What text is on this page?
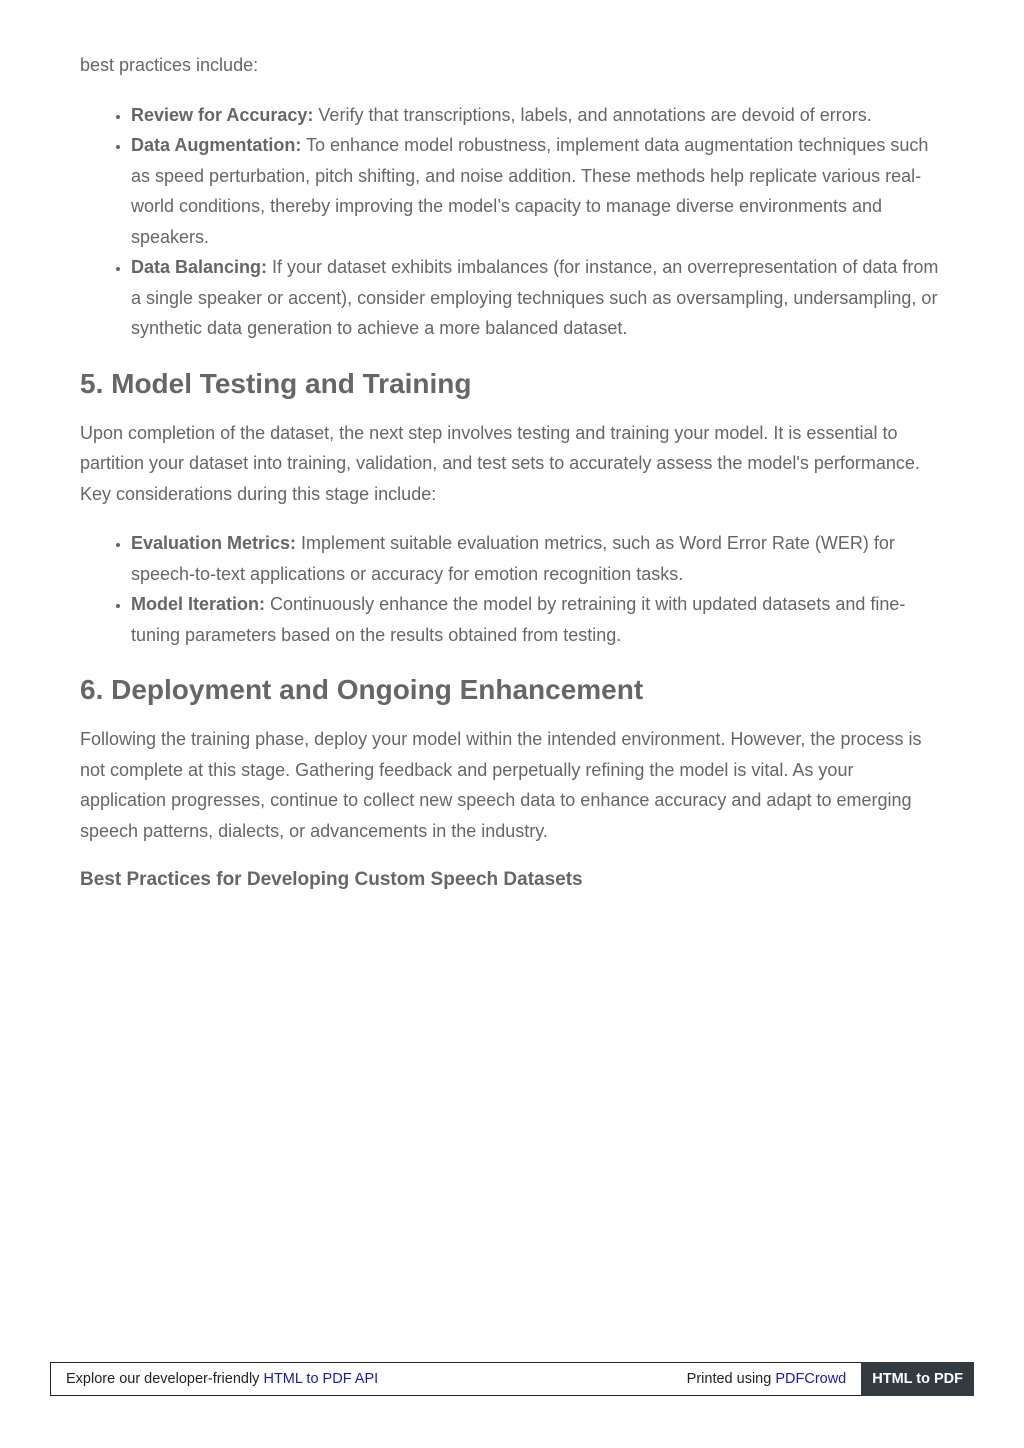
best practices include:

• Review for Accuracy: Verify that transcriptions, labels, and annotations are devoid of errors.
• Data Augmentation: To enhance model robustness, implement data augmentation techniques such as speed perturbation, pitch shifting, and noise addition. These methods help replicate various real-world conditions, thereby improving the model’s capacity to manage diverse environments and speakers.
• Data Balancing: If your dataset exhibits imbalances (for instance, an overrepresentation of data from a single speaker or accent), consider employing techniques such as oversampling, undersampling, or synthetic data generation to achieve a more balanced dataset.
5. Model Testing and Training

Upon completion of the dataset, the next step involves testing and training your model. It is essential to partition your dataset into training, validation, and test sets to accurately assess the model's performance. Key considerations during this stage include:

• Evaluation Metrics: Implement suitable evaluation metrics, such as Word Error Rate (WER) for speech-to-text applications or accuracy for emotion recognition tasks.
• Model Iteration: Continuously enhance the model by retraining it with updated datasets and fine-tuning parameters based on the results obtained from testing.
6. Deployment and Ongoing Enhancement

Following the training phase, deploy your model within the intended environment. However, the process is not complete at this stage. Gathering feedback and perpetually refining the model is vital. As your application progresses, continue to collect new speech data to enhance accuracy and adapt to emerging speech patterns, dialects, or advancements in the industry.

Best Practices for Developing Custom Speech Datasets
Explore our developer-friendly HTML to PDF API	Printed using PDFCrowd	HTML to PDF
